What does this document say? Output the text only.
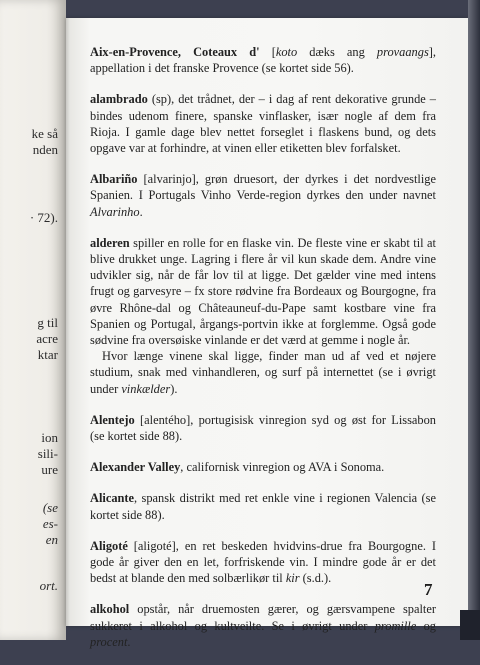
ke så
nden
· 72).
g til
acre
ktar
ion
sili-
ure
(se
es-
en
ort.

Aix-en-Provence, Coteaux d' [koto dæks ang provaangs], appellation i det franske Provence (se kortet side 56).

alambrado (sp), det trådnet, der – i dag af rent dekorative grunde – bindes udenom finere, spanske vinflasker, især nogle af dem fra Rioja. I gamle dage blev nettet forseglet i flaskens bund, og dets opgave var at forhindre, at vinen eller etiketten blev forfalsket.

Albariño [alvarinjo], grøn druesort, der dyrkes i det nordvestlige Spanien. I Portugals Vinho Verde-region dyrkes den under navnet Alvarinho.

alderen spiller en rolle for en flaske vin. De fleste vine er skabt til at blive drukket unge. Lagring i flere år vil kun skade dem. Andre vine udvikler sig, når de får lov til at ligge. Det gælder vine med intens frugt og garvesyre – fx store rødvine fra Bordeaux og Bourgogne, fra øvre Rhône-dal og Châteauneuf-du-Pape samt kostbare vine fra Spanien og Portugal, årgangs-portvin ikke at forglemme. Også gode sødvine fra oversøiske vinlande er det værd at gemme i nogle år.

Hvor længe vinene skal ligge, finder man ud af ved et nøjere studium, snak med vinhandleren, og surf på internettet (se i øvrigt under vinkælder).

Alentejo [alentého], portugisisk vinregion syd og øst for Lissabon (se kortet side 88).

Alexander Valley, californisk vinregion og AVA i Sonoma.

Alicante, spansk distrikt med ret enkle vine i regionen Valencia (se kortet side 88).

Aligoté [aligoté], en ret beskeden hvidvins-drue fra Bourgogne. I gode år giver den en let, forfriskende vin. I mindre gode år er det bedst at blande den med solbærlikør til kir (s.d.).

alkohol opstår, når druemosten gærer, og gærsvampene spalter sukkeret i alkohol og kultveilte. Se i øvrigt under promille og procent.

7
